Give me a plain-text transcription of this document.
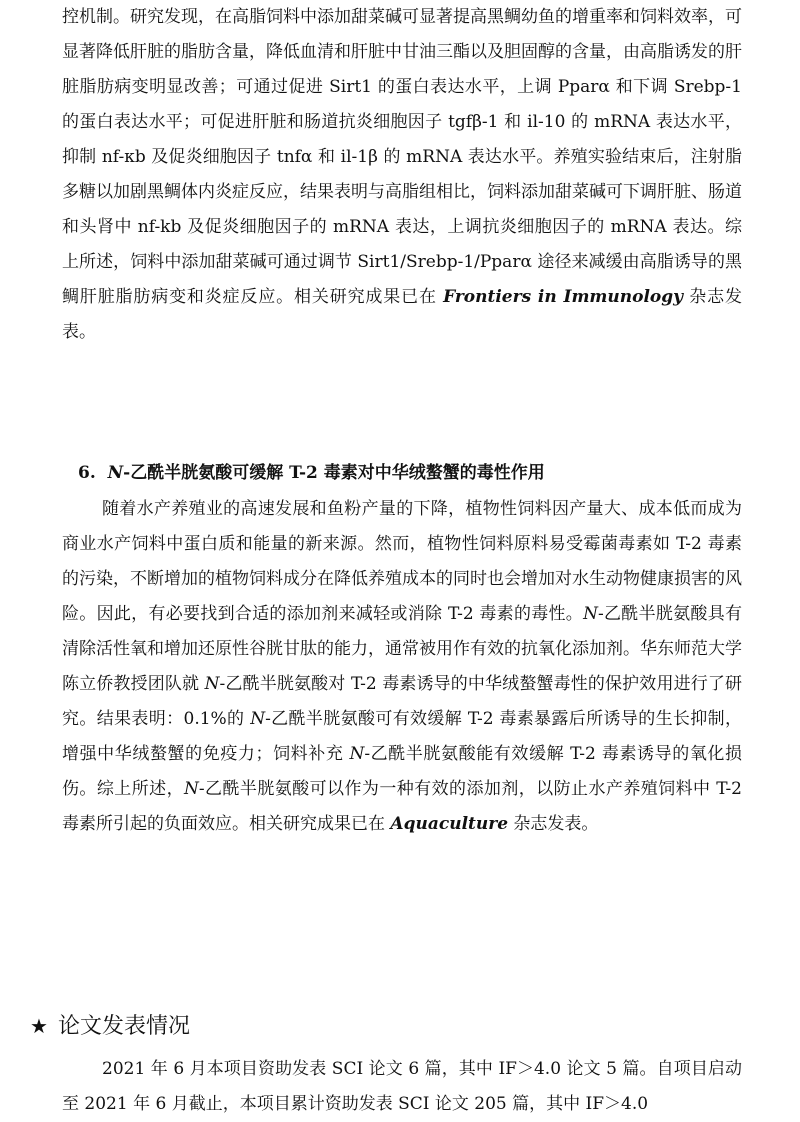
控机制。研究发现，在高脂饲料中添加甜菜碱可显著提高黑鲷幼鱼的增重率和饲料效率，可显著降低肝脏的脂肪含量，降低血清和肝脏中甘油三酯以及胆固醇的含量，由高脂诱发的肝脏脂肪病变明显改善；可通过促进 Sirt1 的蛋白表达水平，上调 Pparα 和下调 Srebp-1 的蛋白表达水平；可促进肝脏和肠道抗炎细胞因子 tgfβ-1 和 il-10 的 mRNA 表达水平，抑制 nf-κb 及促炎细胞因子 tnfα 和 il-1β 的 mRNA 表达水平。养殖实验结束后，注射脂多糖以加剧黑鲷体内炎症反应，结果表明与高脂组相比，饲料添加甜菜碱可下调肝脏、肠道和头肾中 nf-kb 及促炎细胞因子的 mRNA 表达，上调抗炎细胞因子的 mRNA 表达。综上所述，饲料中添加甜菜碱可通过调节 Sirt1/Srebp-1/Pparα 途径来减缓由高脂诱导的黑鲷肝脏脂肪病变和炎症反应。相关研究成果已在 Frontiers in Immunology 杂志发表。
6. N-乙酰半胱氨酸可缓解 T-2 毒素对中华绒螯蟹的毒性作用
随着水产养殖业的高速发展和鱼粉产量的下降，植物性饲料因产量大、成本低而成为商业水产饲料中蛋白质和能量的新来源。然而，植物性饲料原料易受霉菌毒素如 T-2 毒素的污染，不断增加的植物饲料成分在降低养殖成本的同时也会增加对水生动物健康损害的风险。因此，有必要找到合适的添加剂来减轻或消除 T-2 毒素的毒性。N-乙酰半胱氨酸具有清除活性氧和增加还原性谷胱甘肽的能力，通常被用作有效的抗氧化添加剂。华东师范大学陈立侨教授团队就 N-乙酰半胱氨酸对 T-2 毒素诱导的中华绒螯蟹毒性的保护效用进行了研究。结果表明：0.1%的 N-乙酰半胱氨酸可有效缓解 T-2 毒素暴露后所诱导的生长抑制，增强中华绒螯蟹的免疫力；饲料补充 N-乙酰半胱氨酸能有效缓解 T-2 毒素诱导的氧化损伤。综上所述，N-乙酰半胱氨酸可以作为一种有效的添加剂，以防止水产养殖饲料中 T-2 毒素所引起的负面效应。相关研究成果已在 Aquaculture 杂志发表。
★ 论文发表情况
2021 年 6 月本项目资助发表 SCI 论文 6 篇，其中 IF＞4.0 论文 5 篇。自项目启动至 2021 年 6 月截止，本项目累计资助发表 SCI 论文 205 篇，其中 IF＞4.0
